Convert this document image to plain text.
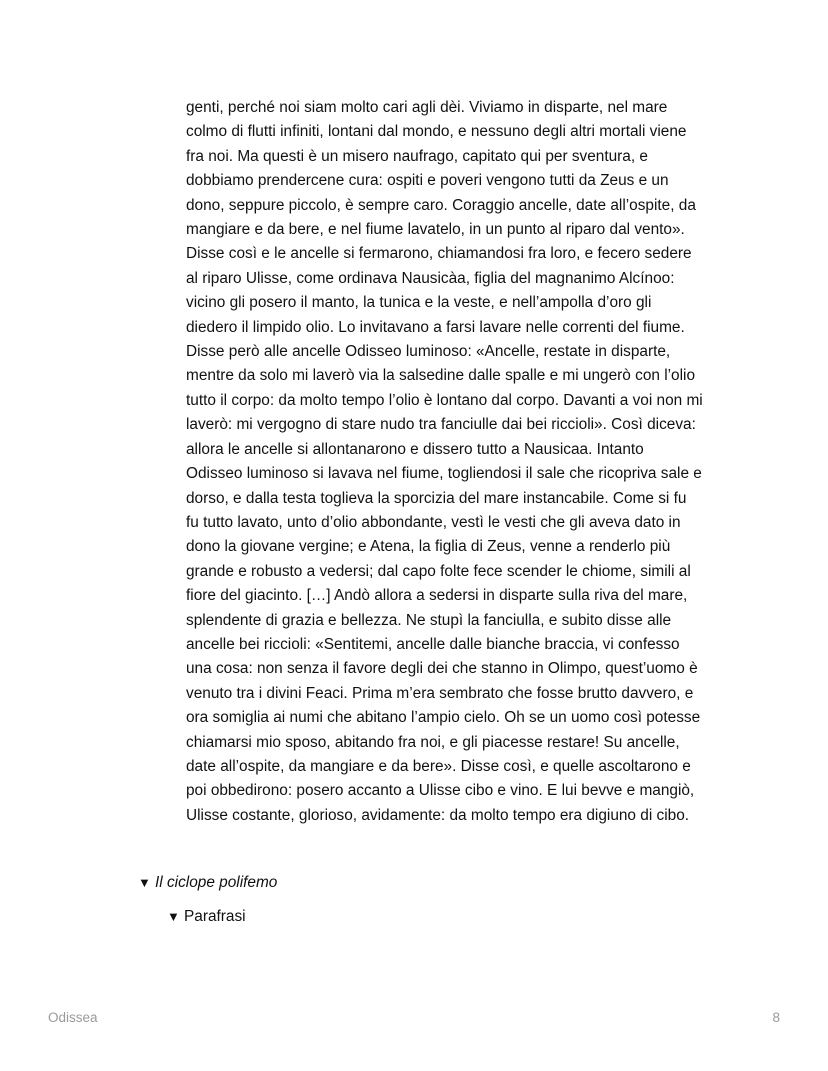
genti, perché noi siam molto cari agli dèi. Viviamo in disparte, nel mare
colmo di flutti infiniti, lontani dal mondo, e nessuno degli altri mortali viene
fra noi. Ma questi è un misero naufrago, capitato qui per sventura, e
dobbiamo prendercene cura: ospiti e poveri vengono tutti da Zeus e un
dono, seppure piccolo, è sempre caro. Coraggio ancelle, date all’ospite, da
mangiare e da bere, e nel fiume lavatelo, in un punto al riparo dal vento».
Disse così e le ancelle si fermarono, chiamandosi fra loro, e fecero sedere
al riparo Ulisse, come ordinava Nausicàa, figlia del magnanimo Alcínoo:
vicino gli posero il manto, la tunica e la veste, e nell’ampolla d’oro gli
diedero il limpido olio. Lo invitavano a farsi lavare nelle correnti del fiume.
Disse però alle ancelle Odisseo luminoso: «Ancelle, restate in disparte,
mentre da solo mi laverò via la salsedine dalle spalle e mi ungerò con l’olio
tutto il corpo: da molto tempo l’olio è lontano dal corpo. Davanti a voi non mi
laverò: mi vergogno di stare nudo tra fanciulle dai bei riccioli». Così diceva:
allora le ancelle si allontanarono e dissero tutto a Nausicaa. Intanto
Odisseo luminoso si lavava nel fiume, togliendosi il sale che ricopriva sale e
dorso, e dalla testa toglieva la sporcizia del mare instancabile. Come si fu
fu tutto lavato, unto d’olio abbondante, vestì le vesti che gli aveva dato in
dono la giovane vergine; e Atena, la figlia di Zeus, venne a renderlo più
grande e robusto a vedersi; dal capo folte fece scender le chiome, simili al
fiore del giacinto. […] Andò allora a sedersi in disparte sulla riva del mare,
splendente di grazia e bellezza. Ne stupì la fanciulla, e subito disse alle
ancelle bei riccioli: «Sentitemi, ancelle dalle bianche braccia, vi confesso
una cosa: non senza il favore degli dei che stanno in Olimpo, quest’uomo è
venuto tra i divini Feaci. Prima m’era sembrato che fosse brutto davvero, e
ora somiglia ai numi che abitano l’ampio cielo. Oh se un uomo così potesse
chiamarsi mio sposo, abitando fra noi, e gli piacesse restare! Su ancelle,
date all’ospite, da mangiare e da bere». Disse così, e quelle ascoltarono e
poi obbedirono: posero accanto a Ulisse cibo e vino. E lui bevve e mangiò,
Ulisse costante, glorioso, avidamente: da molto tempo era digiuno di cibo.
▼ Il ciclope polifemo
▼ Parafrasi
Odissea	8
